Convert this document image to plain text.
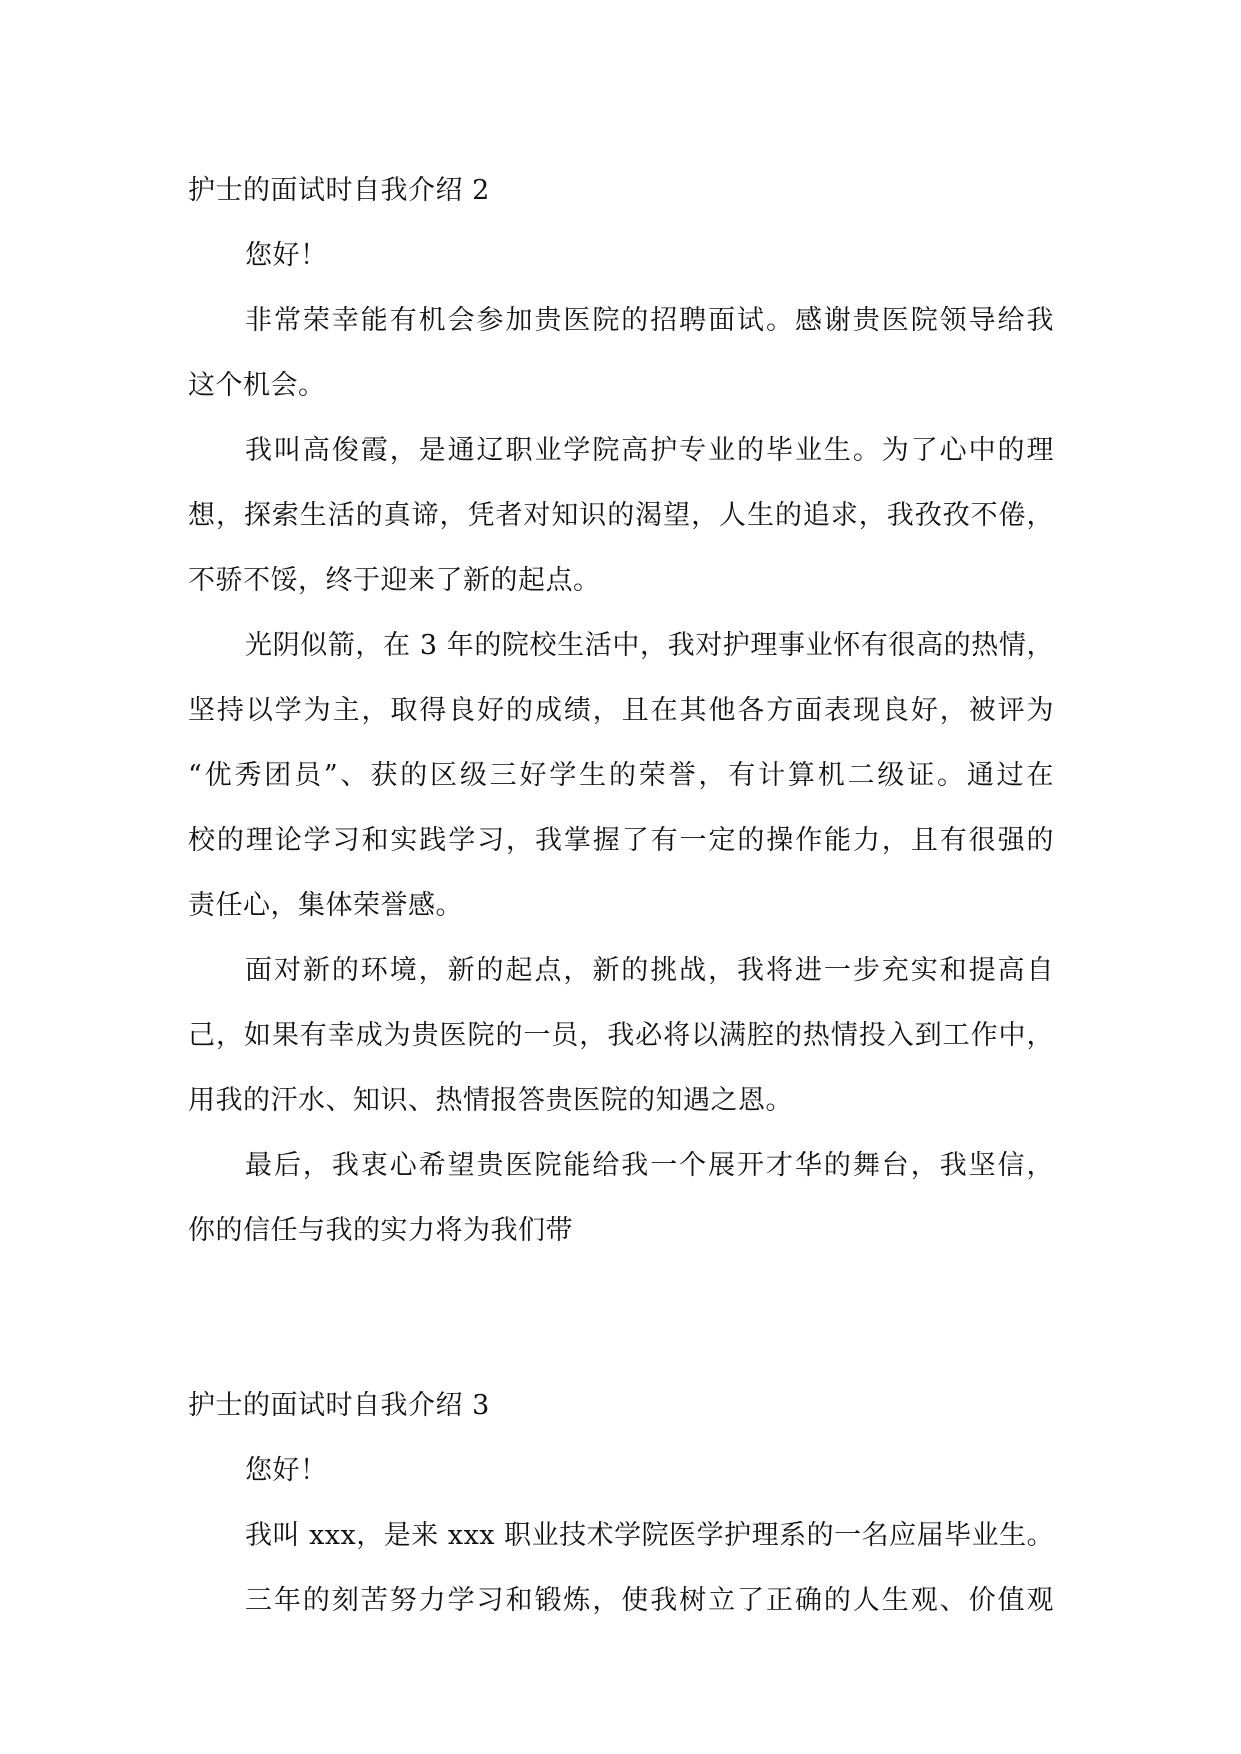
护士的面试时自我介绍 2
您好！
非常荣幸能有机会参加贵医院的招聘面试。感谢贵医院领导给我
这个机会。
我叫高俊霞，是通辽职业学院高护专业的毕业生。为了心中的理
想，探索生活的真谛，凭者对知识的渴望，人生的追求，我孜孜不倦，
不骄不馁，终于迎来了新的起点。
光阴似箭，在 3 年的院校生活中，我对护理事业怀有很高的热情，
坚持以学为主，取得良好的成绩，且在其他各方面表现良好，被评为
“优秀团员”、获的区级三好学生的荣誉，有计算机二级证。通过在
校的理论学习和实践学习，我掌握了有一定的操作能力，且有很强的
责任心，集体荣誉感。
面对新的环境，新的起点，新的挑战，我将进一步充实和提高自
己，如果有幸成为贵医院的一员，我必将以满腔的热情投入到工作中，
用我的汗水、知识、热情报答贵医院的知遇之恩。
最后，我衷心希望贵医院能给我一个展开才华的舞台，我坚信，
你的信任与我的实力将为我们带
护士的面试时自我介绍 3
您好！
我叫 xxx，是来 xxx 职业技术学院医学护理系的一名应届毕业生。
三年的刻苦努力学习和锻炼，使我树立了正确的人生观、价值观
